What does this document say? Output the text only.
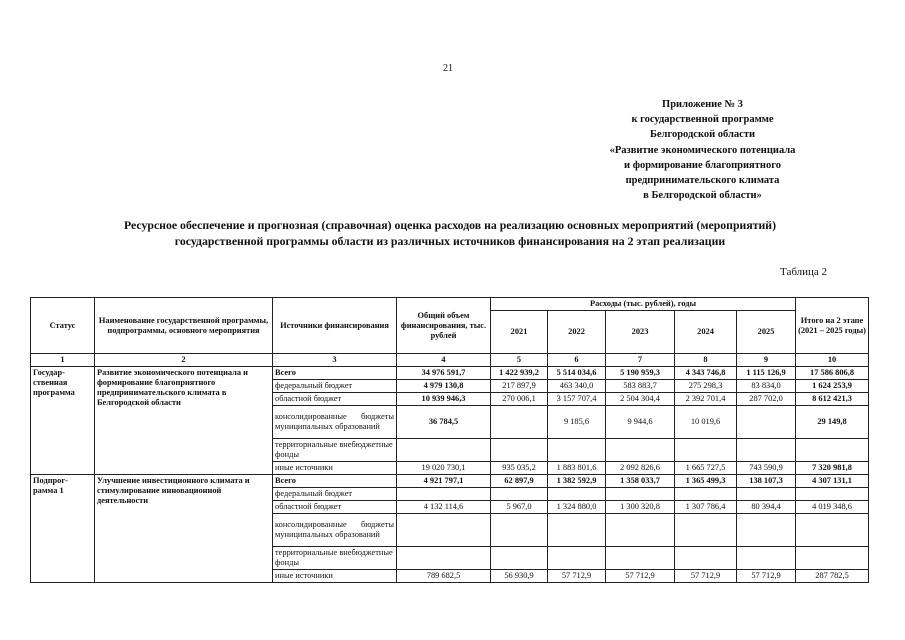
21
Приложение № 3
к государственной программе
Белгородской области
«Развитие экономического потенциала
и формирование благоприятного
предпринимательского климата
в Белгородской области»
Ресурсное обеспечение и прогнозная (справочная) оценка расходов на реализацию основных мероприятий (мероприятий)
государственной программы области из различных источников финансирования на 2 этап реализации
Таблица 2
Статус	Наименование государственной программы, подпрограммы, основного мероприятия	Источники финансирования	Общий объем финансирования, тыс. рублей	Расходы (тыс. рублей), годы					Итого на 2 этапе (2021 – 2025 годы)
				2021	2022	2023	2024	2025	
1	2	3	4	5	6	7	8	9	10
Государ-ственная программа	Развитие экономического потенциала и формирование благоприятного предпринимательского климата в Белгородской области	Всего	34 976 591,7	1 422 939,2	5 514 034,6	5 190 959,3	4 343 746,8	1 115 126,9	17 586 806,8
		федеральный бюджет	4 979 130,8	217 897,9	463 340,0	583 883,7	275 298,3	83 834,0	1 624 253,9
		областной бюджет	10 939 946,3	270 006,1	3 157 707,4	2 504 304,4	2 392 701,4	287 702,0	8 612 421,3
		консолидированные бюджеты муниципальных образований	36 784,5		9 185,6	9 944,6	10 019,6		29 149,8
		территориальные внебюджетные фонды							
		иные источники	19 020 730,1	935 035,2	1 883 801,6	2 092 826,6	1 665 727,5	743 590,9	7 320 981,8
Подпрог-рамма 1	Улучшение инвестиционного климата и стимулирование инновационной деятельности	Всего	4 921 797,1	62 897,9	1 382 592,9	1 358 033,7	1 365 499,3	138 107,3	4 307 131,1
		федеральный бюджет							
		областной бюджет	4 132 114,6	5 967,0	1 324 880,0	1 300 320,8	1 307 786,4	80 394,4	4 019 348,6
		консолидированные бюджеты муниципальных образований							
		территориальные внебюджетные фонды							
		иные источники	789 682,5	56 930,9	57 712,9	57 712,9	57 712,9	57 712,9	287 782,5
